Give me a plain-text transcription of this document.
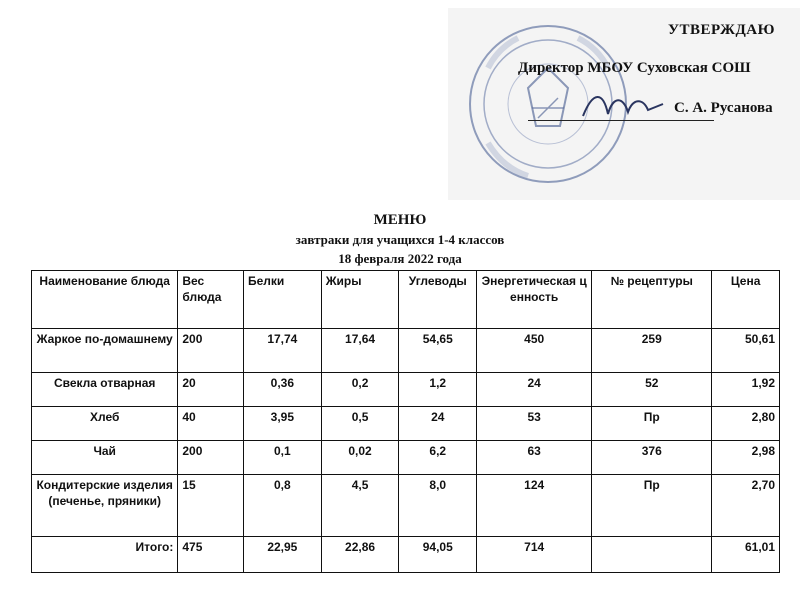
УТВЕРЖДАЮ
Директор МБОУ Суховская СОШ
С. А. Русанова
МЕНЮ
завтраки для учащихся 1-4 классов
18 февраля 2022 года
Наименование блюда	Вес блюда	Белки	Жиры	Углеводы	Энергетическая ценность	№ рецептуры	Цена
Жаркое по-домашнему	200	17,74	17,64	54,65	450	259	50,61
Свекла отварная	20	0,36	0,2	1,2	24	52	1,92
Хлеб	40	3,95	0,5	24	53	Пр	2,80
Чай	200	0,1	0,02	6,2	63	376	2,98
Кондитерские изделия (печенье, пряники)	15	0,8	4,5	8,0	124	Пр	2,70
Итого:	475	22,95	22,86	94,05	714		61,01
